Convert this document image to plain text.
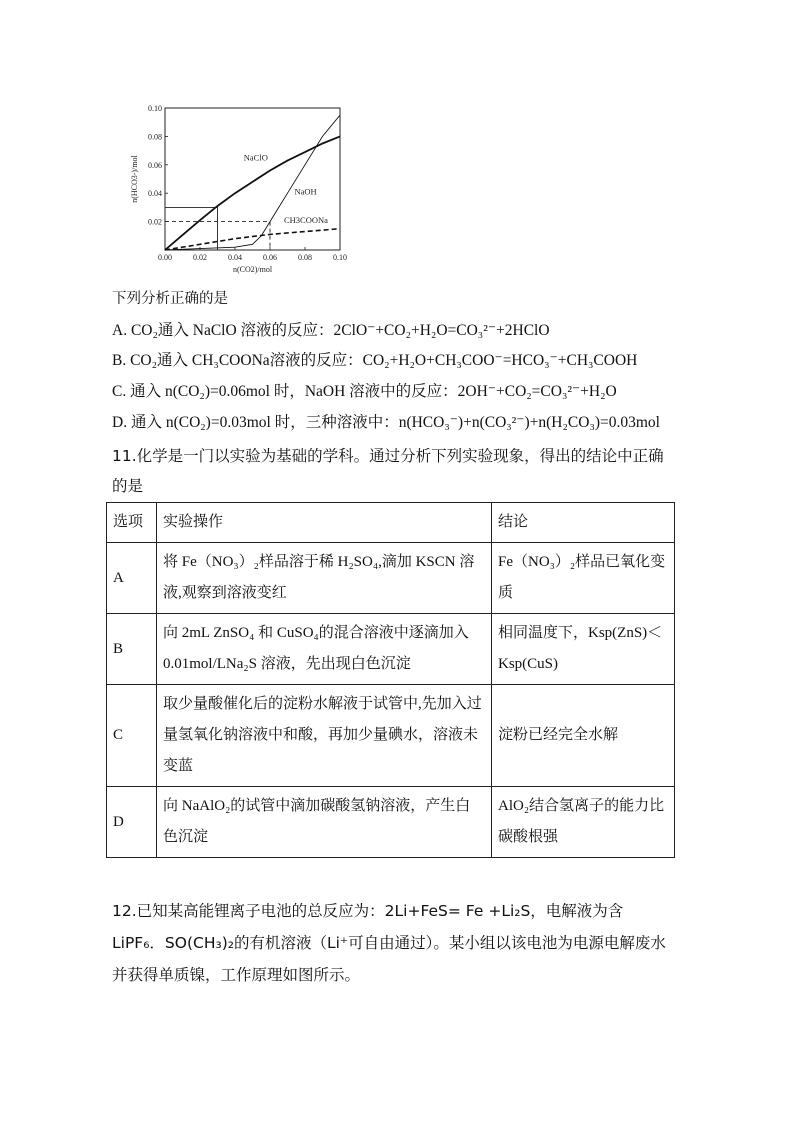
0.00	0.02	0.04	0.06	0.08	0.10
0.02
0.04
0.06
0.08
0.10
n(CO2)/mol
n(HCO3-)/mol	NaClO
NaOH
CH3COONa
下列分析正确的是
A. CO₂通入 NaClO 溶液的反应：2ClO⁻+CO₂+H₂O=CO₃²⁻+2HClO
B. CO₂通入 CH₃COONa溶液的反应：CO₂+H₂O+CH₃COO⁻=HCO₃⁻+CH₃COOH
C. 通入 n(CO₂)=0.06mol 时，NaOH 溶液中的反应：2OH⁻+CO₂=CO₃²⁻+H₂O
D. 通入 n(CO₂)=0.03mol 时，三种溶液中：n(HCO₃⁻)+n(CO₃²⁻)+n(H₂CO₃)=0.03mol
11.化学是一门以实验为基础的学科。通过分析下列实验现象，得出的结论中正确
的是
选项	实验操作	结论
A	将 Fe（NO₃）₂样品溶于稀 H₂SO₄,滴加 KSCN 溶液,观察到溶液变红	Fe（NO₃）₂样品已氧化变质
B	向 2mL ZnSO₄ 和 CuSO₄的混合溶液中逐滴加入 0.01mol/LNa₂S 溶液，先出现白色沉淀	相同温度下，Ksp(ZnS)＜Ksp(CuS)
C	取少量酸催化后的淀粉水解液于试管中,先加入过量氢氧化钠溶液中和酸，再加少量碘水，溶液未变蓝	淀粉已经完全水解
D	向 NaAlO₂的试管中滴加碳酸氢钠溶液，产生白色沉淀	AlO₂结合氢离子的能力比碳酸根强
12.已知某高能锂离子电池的总反应为：2Li+FeS= Fe +Li₂S，电解液为含
LiPF₆．SO(CH₃)₂的有机溶液（Li⁺可自由通过）。某小组以该电池为电源电解废水
并获得单质镍，工作原理如图所示。
